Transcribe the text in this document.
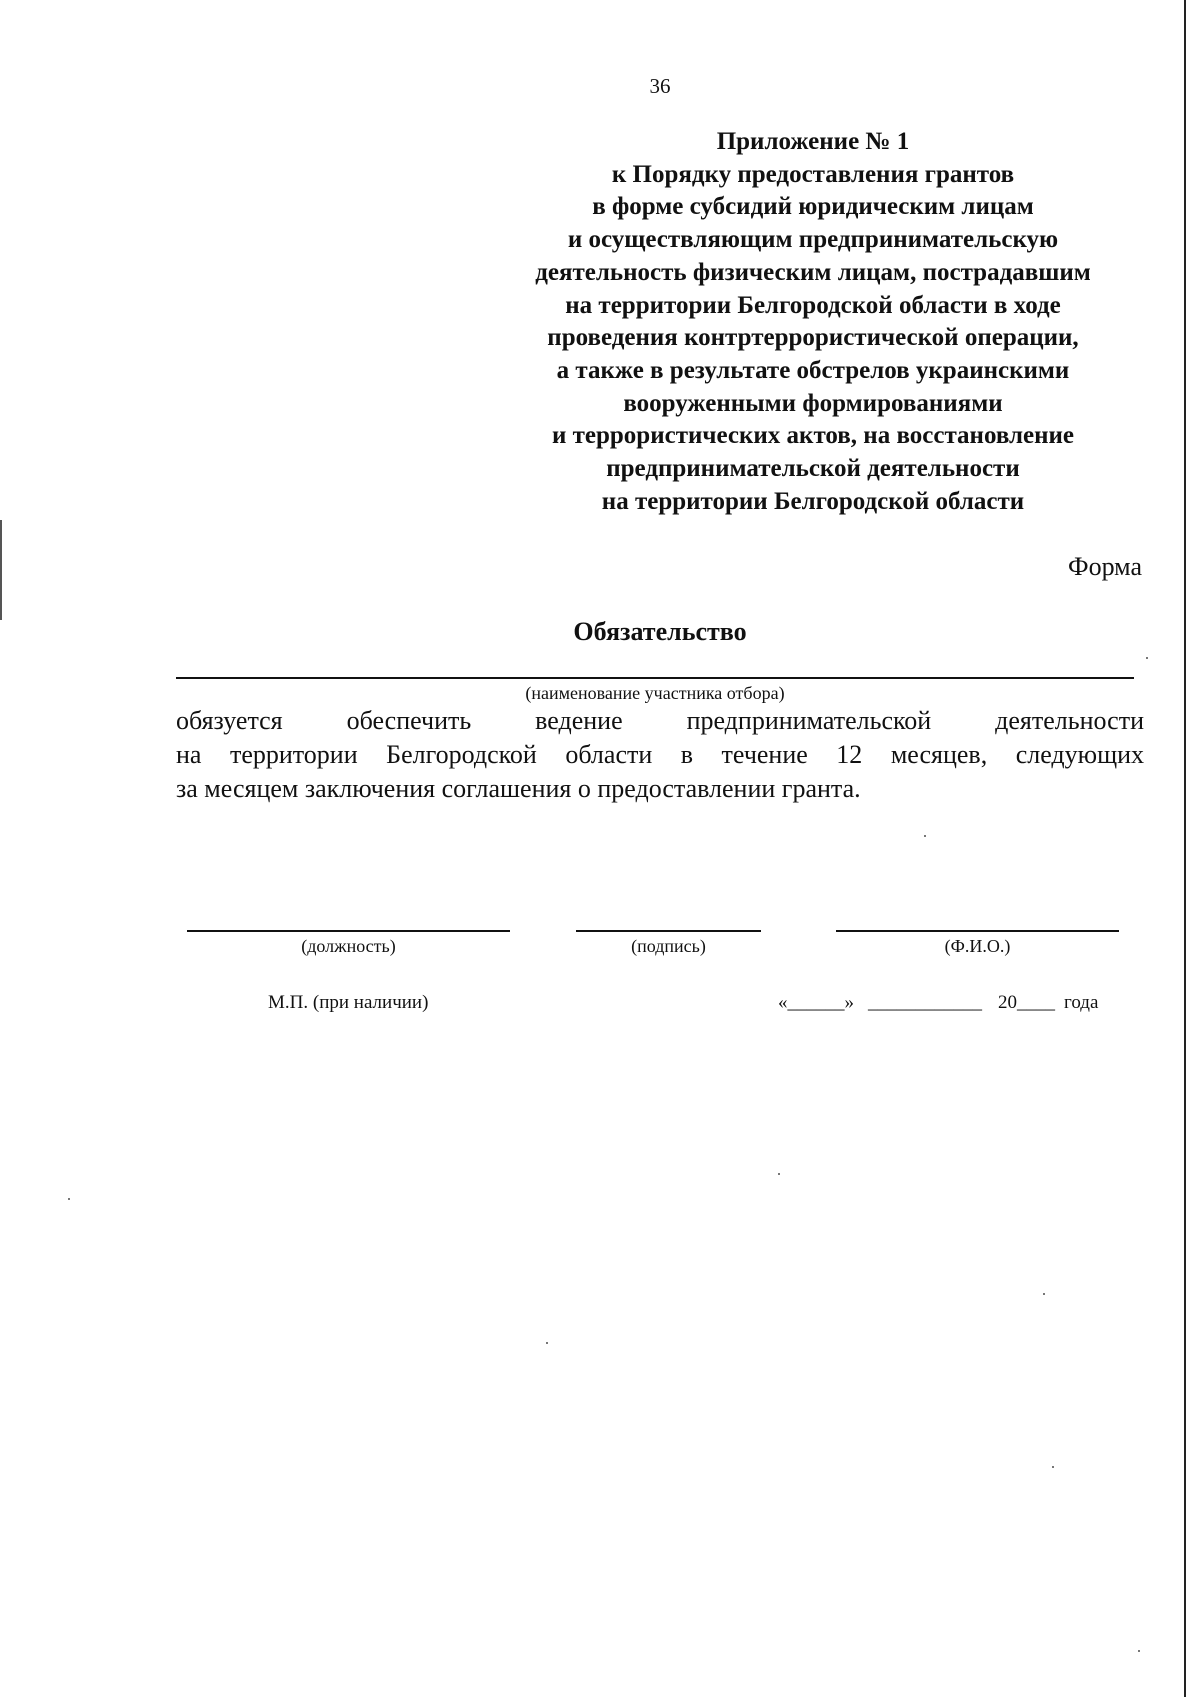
36
Приложение № 1
к Порядку предоставления грантов
в форме субсидий юридическим лицам
и осуществляющим предпринимательскую
деятельность физическим лицам, пострадавшим
на территории Белгородской области в ходе
проведения контртеррористической операции,
а также в результате обстрелов украинскими
вооруженными формированиями
и террористических актов, на восстановление
предпринимательской деятельности
на территории Белгородской области
Форма
Обязательство
(наименование участника отбора)
обязуется обеспечить ведение предпринимательской деятельности
на территории Белгородской области в течение 12 месяцев, следующих
за месяцем заключения соглашения о предоставлении гранта.
(должность)	(подпись)	(Ф.И.О.)
М.П. (при наличии)	«______» ____________ 20____ года
